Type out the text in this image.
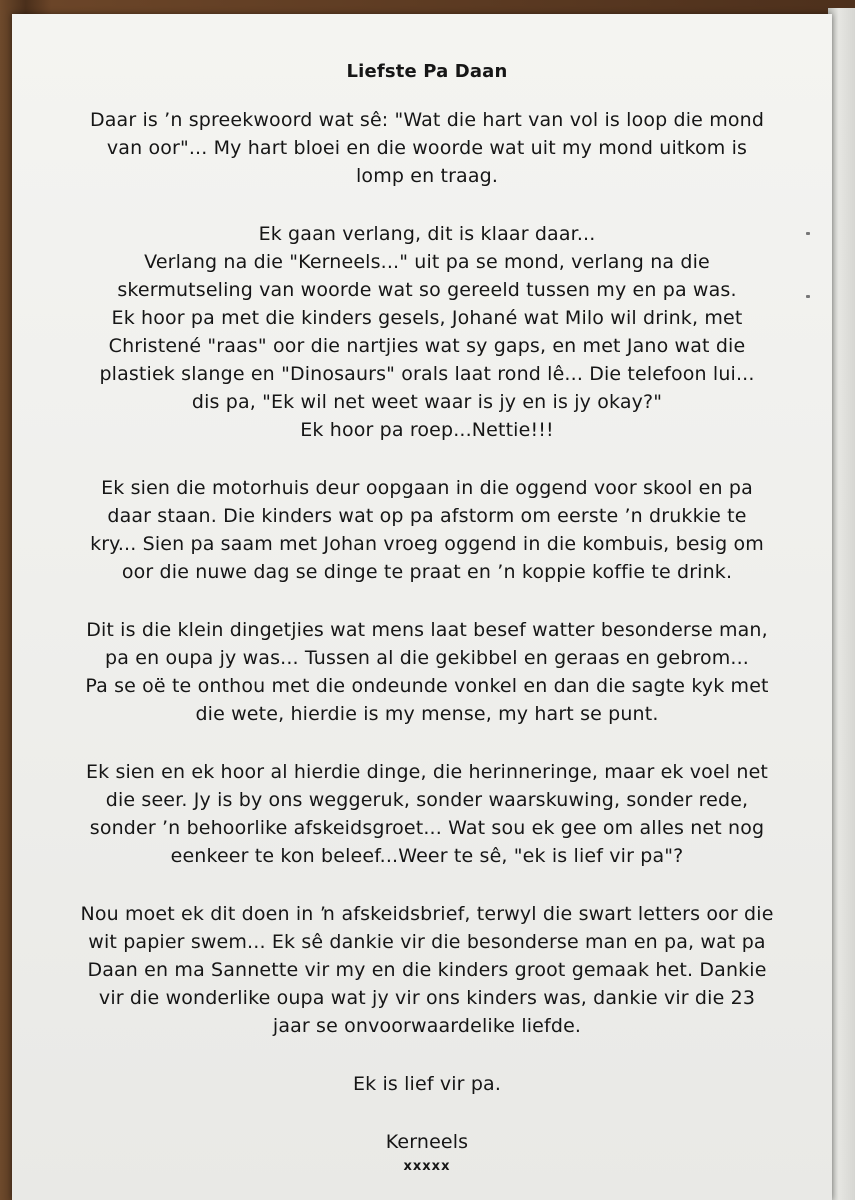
Liefste Pa Daan
Daar is ’n spreekwoord wat sê: "Wat die hart van vol is loop die mond
van oor"... My hart bloei en die woorde wat uit my mond uitkom is
lomp en traag.
Ek gaan verlang, dit is klaar daar...
Verlang na die "Kerneels..." uit pa se mond, verlang na die
skermutseling van woorde wat so gereeld tussen my en pa was.
Ek hoor pa met die kinders gesels, Johané wat Milo wil drink, met
Christené "raas" oor die nartjies wat sy gaps, en met Jano wat die
plastiek slange en "Dinosaurs" orals laat rond lê... Die telefoon lui...
dis pa, "Ek wil net weet waar is jy en is jy okay?"
Ek hoor pa roep...Nettie!!!
Ek sien die motorhuis deur oopgaan in die oggend voor skool en pa
daar staan. Die kinders wat op pa afstorm om eerste ’n drukkie te
kry... Sien pa saam met Johan vroeg oggend in die kombuis, besig om
oor die nuwe dag se dinge te praat en ’n koppie koffie te drink.
Dit is die klein dingetjies wat mens laat besef watter besonderse man,
pa en oupa jy was... Tussen al die gekibbel en geraas en gebrom...
Pa se oë te onthou met die ondeunde vonkel en dan die sagte kyk met
die wete, hierdie is my mense, my hart se punt.
Ek sien en ek hoor al hierdie dinge, die herinneringe, maar ek voel net
die seer. Jy is by ons weggeruk, sonder waarskuwing, sonder rede,
sonder ’n behoorlike afskeidsgroet... Wat sou ek gee om alles net nog
eenkeer te kon beleef...Weer te sê, "ek is lief vir pa"?
Nou moet ek dit doen in ŉ afskeidsbrief, terwyl die swart letters oor die
wit papier swem... Ek sê dankie vir die besonderse man en pa, wat pa
Daan en ma Sannette vir my en die kinders groot gemaak het. Dankie
vir die wonderlike oupa wat jy vir ons kinders was, dankie vir die 23
jaar se onvoorwaardelike liefde.
Ek is lief vir pa.
Kerneels
xxxxx
